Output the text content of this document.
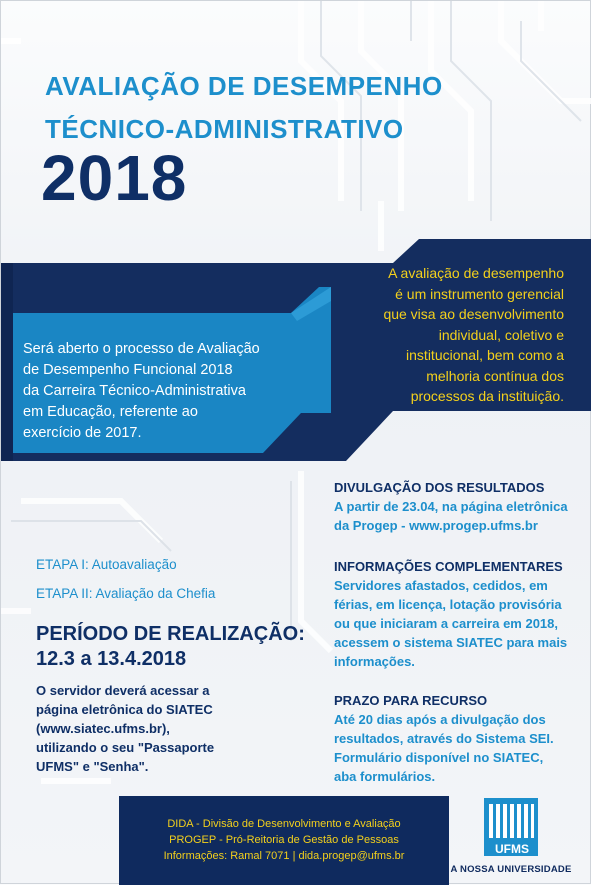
AVALIAÇÃO DE DESEMPENHO
TÉCNICO-ADMINISTRATIVO
2018
A avaliação de desempenho
é um instrumento gerencial
que visa ao desenvolvimento
individual, coletivo e
institucional, bem como a
melhoria contínua dos
processos da instituição.
Será aberto o processo de Avaliação
de Desempenho Funcional 2018
da Carreira Técnico-Administrativa
em Educação, referente ao
exercício de 2017.
DIVULGAÇÃO DOS RESULTADOS
A partir de 23.04, na página eletrônica
da Progep - www.progep.ufms.br
INFORMAÇÕES COMPLEMENTARES
Servidores afastados, cedidos, em
férias, em licença, lotação provisória
ou que iniciaram a carreira em 2018,
acessem o sistema SIATEC para mais
informações.
PRAZO PARA RECURSO
Até 20 dias após a divulgação dos
resultados, através do Sistema SEI.
Formulário disponível no SIATEC,
aba formulários.
ETAPA I: Autoavaliação
ETAPA II: Avaliação da Chefia
PERÍODO DE REALIZAÇÃO:
12.3 a 13.4.2018
O servidor deverá acessar a
página eletrônica do SIATEC
(www.siatec.ufms.br),
utilizando o seu "Passaporte
UFMS" e "Senha".
DIDA - Divisão de Desenvolvimento e Avaliação
PROGEP - Pró-Reitoria de Gestão de Pessoas
Informações: Ramal 7071 | dida.progep@ufms.br	UFMS
A NOSSA UNIVERSIDADE
